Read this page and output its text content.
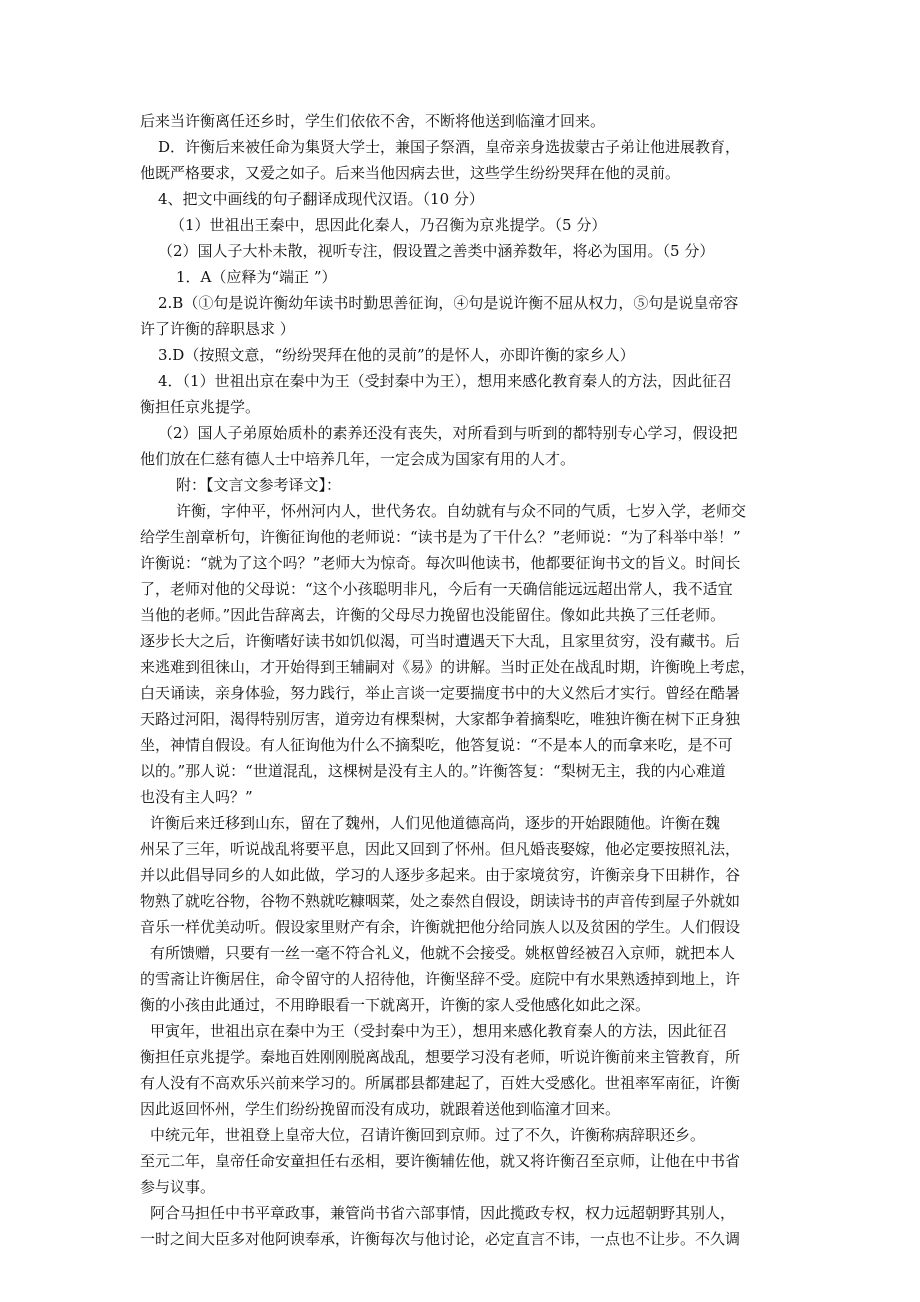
后来当许衡离任还乡时，学生们依依不舍，不断将他送到临潼才回来。
D．许衡后来被任命为集贤大学士，兼国子祭酒，皇帝亲身选拔蒙古子弟让他进展教育，
他既严格要求，又爱之如子。后来当他因病去世，这些学生纷纷哭拜在他的灵前。
4、把文中画线的句子翻译成现代汉语。（10 分）
（1）世祖出王秦中，思因此化秦人，乃召衡为京兆提学。（5 分）
（2）国人子大朴未散，视听专注，假设置之善类中涵养数年，将必为国用。（5 分）
1．A（应释为“端正 ”）
2.B（①句是说许衡幼年读书时勤思善征询，④句是说许衡不屈从权力，⑤句是说皇帝容
许了许衡的辞职恳求 ）
3.D（按照文意，“纷纷哭拜在他的灵前”的是怀人，亦即许衡的家乡人）
4．（1）世祖出京在秦中为王（受封秦中为王），想用来感化教育秦人的方法，因此征召
衡担任京兆提学。
（2）国人子弟原始质朴的素养还没有丧失，对所看到与听到的都特别专心学习，假设把
他们放在仁慈有德人士中培养几年，一定会成为国家有用的人才。
附：【文言文参考译文】：
许衡，字仲平，怀州河内人，世代务农。自幼就有与众不同的气质，七岁入学，老师交
给学生剖章析句，许衡征询他的老师说：“读书是为了干什么？”老师说：“为了科举中举！”
许衡说：“就为了这个吗？”老师大为惊奇。每次叫他读书，他都要征询书文的旨义。时间长
了，老师对他的父母说：“这个小孩聪明非凡，今后有一天确信能远远超出常人，我不适宜
当他的老师。”因此告辞离去，许衡的父母尽力挽留也没能留住。像如此共换了三任老师。
逐步长大之后，许衡嗜好读书如饥似渴，可当时遭遇天下大乱，且家里贫穷，没有藏书。后
来逃难到徂徕山，才开始得到王辅嗣对《易》的讲解。当时正处在战乱时期，许衡晚上考虑，
白天诵读，亲身体验，努力践行，举止言谈一定要揣度书中的大义然后才实行。曾经在酷暑
天路过河阳，渴得特别厉害，道旁边有棵梨树，大家都争着摘梨吃，唯独许衡在树下正身独
坐，神情自假设。有人征询他为什么不摘梨吃，他答复说：“不是本人的而拿来吃，是不可
以的。”那人说：“世道混乱，这棵树是没有主人的。”许衡答复：“梨树无主，我的内心难道
也没有主人吗？”
许衡后来迁移到山东，留在了魏州，人们见他道德高尚，逐步的开始跟随他。许衡在魏
州呆了三年，听说战乱将要平息，因此又回到了怀州。但凡婚丧娶嫁，他必定要按照礼法，
并以此倡导同乡的人如此做，学习的人逐步多起来。由于家境贫穷，许衡亲身下田耕作，谷
物熟了就吃谷物，谷物不熟就吃糠咽菜，处之泰然自假设，朗读诗书的声音传到屋子外就如
音乐一样优美动听。假设家里财产有余，许衡就把他分给同族人以及贫困的学生。人们假设
有所馈赠，只要有一丝一毫不符合礼义，他就不会接受。姚枢曾经被召入京师，就把本人
的雪斋让许衡居住，命令留守的人招待他，许衡坚辞不受。庭院中有水果熟透掉到地上，许
衡的小孩由此通过，不用睁眼看一下就离开，许衡的家人受他感化如此之深。
甲寅年，世祖出京在秦中为王（受封秦中为王），想用来感化教育秦人的方法，因此征召
衡担任京兆提学。秦地百姓刚刚脱离战乱，想要学习没有老师，听说许衡前来主管教育，所
有人没有不高欢乐兴前来学习的。所属郡县都建起了，百姓大受感化。世祖率军南征，许衡
因此返回怀州，学生们纷纷挽留而没有成功，就跟着送他到临潼才回来。
中统元年，世祖登上皇帝大位，召请许衡回到京师。过了不久，许衡称病辞职还乡。
至元二年，皇帝任命安童担任右丞相，要许衡辅佐他，就又将许衡召至京师，让他在中书省
参与议事。
阿合马担任中书平章政事，兼管尚书省六部事情，因此揽政专权，权力远超朝野其别人，
一时之间大臣多对他阿谀奉承，许衡每次与他讨论，必定直言不讳，一点也不让步。不久调
